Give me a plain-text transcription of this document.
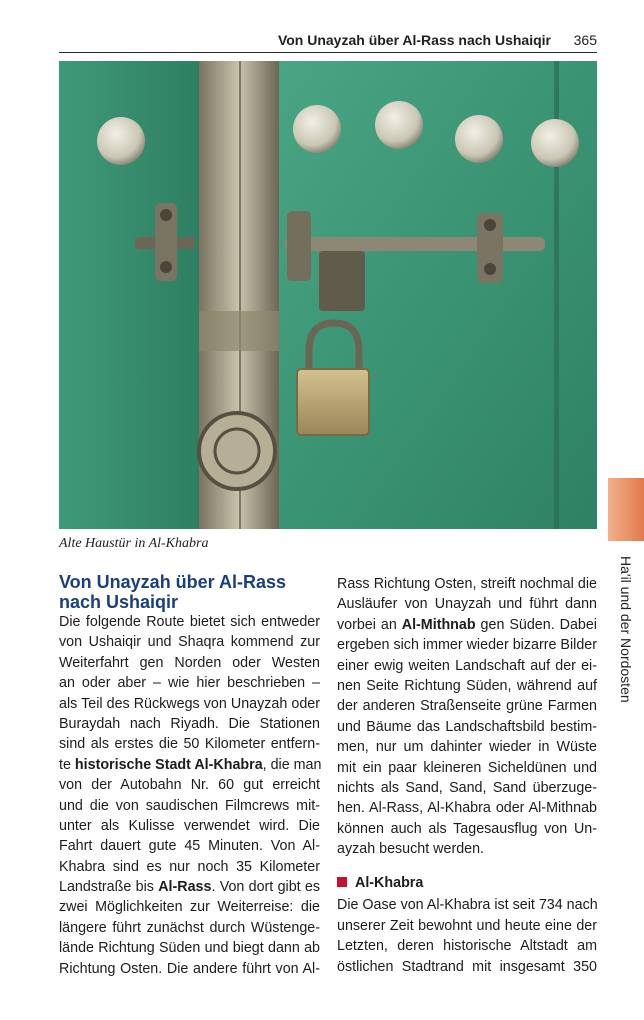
Von Unayzah über Al-Rass nach Ushaiqir 365
Alte Haustür in Al-Khabra
Ha'il und der Nordosten
Von Unayzah über Al-Rass
nach Ushaiqir
Die folgende Route bietet sich entweder
von Ushaiqir und Shaqra kommend zur
Weiterfahrt gen Norden oder Westen
an oder aber – wie hier beschrieben –
als Teil des Rückwegs von Unayzah oder
Buraydah nach Riyadh. Die Stationen
sind als erstes die 50 Kilometer entfern-
te historische Stadt Al-Khabra, die man
von der Autobahn Nr. 60 gut erreicht
und die von saudischen Filmcrews mit-
unter als Kulisse verwendet wird. Die
Fahrt dauert gute 45 Minuten. Von Al-
Khabra sind es nur noch 35 Kilometer
Landstraße bis Al-Rass. Von dort gibt es
zwei Möglichkeiten zur Weiterreise: die
längere führt zunächst durch Wüstenge-
lände Richtung Süden und biegt dann ab
Richtung Osten. Die andere führt von Al-
Rass Richtung Osten, streift nochmal die
Ausläufer von Unayzah und führt dann
vorbei an Al-Mithnab gen Süden. Dabei
ergeben sich immer wieder bizarre Bilder
einer ewig weiten Landschaft auf der ei-
nen Seite Richtung Süden, während auf
der anderen Straßenseite grüne Farmen
und Bäume das Landschaftsbild bestim-
men, nur um dahinter wieder in Wüste
mit ein paar kleineren Sicheldünen und
nichts als Sand, Sand, Sand überzuge-
hen. Al-Rass, Al-Khabra oder Al-Mithnab
können auch als Tagesausflug von Un-
ayzah besucht werden.
Al-Khabra
Die Oase von Al-Khabra ist seit 734 nach
unserer Zeit bewohnt und heute eine der
Letzten, deren historische Altstadt am
östlichen Stadtrand mit insgesamt 350
